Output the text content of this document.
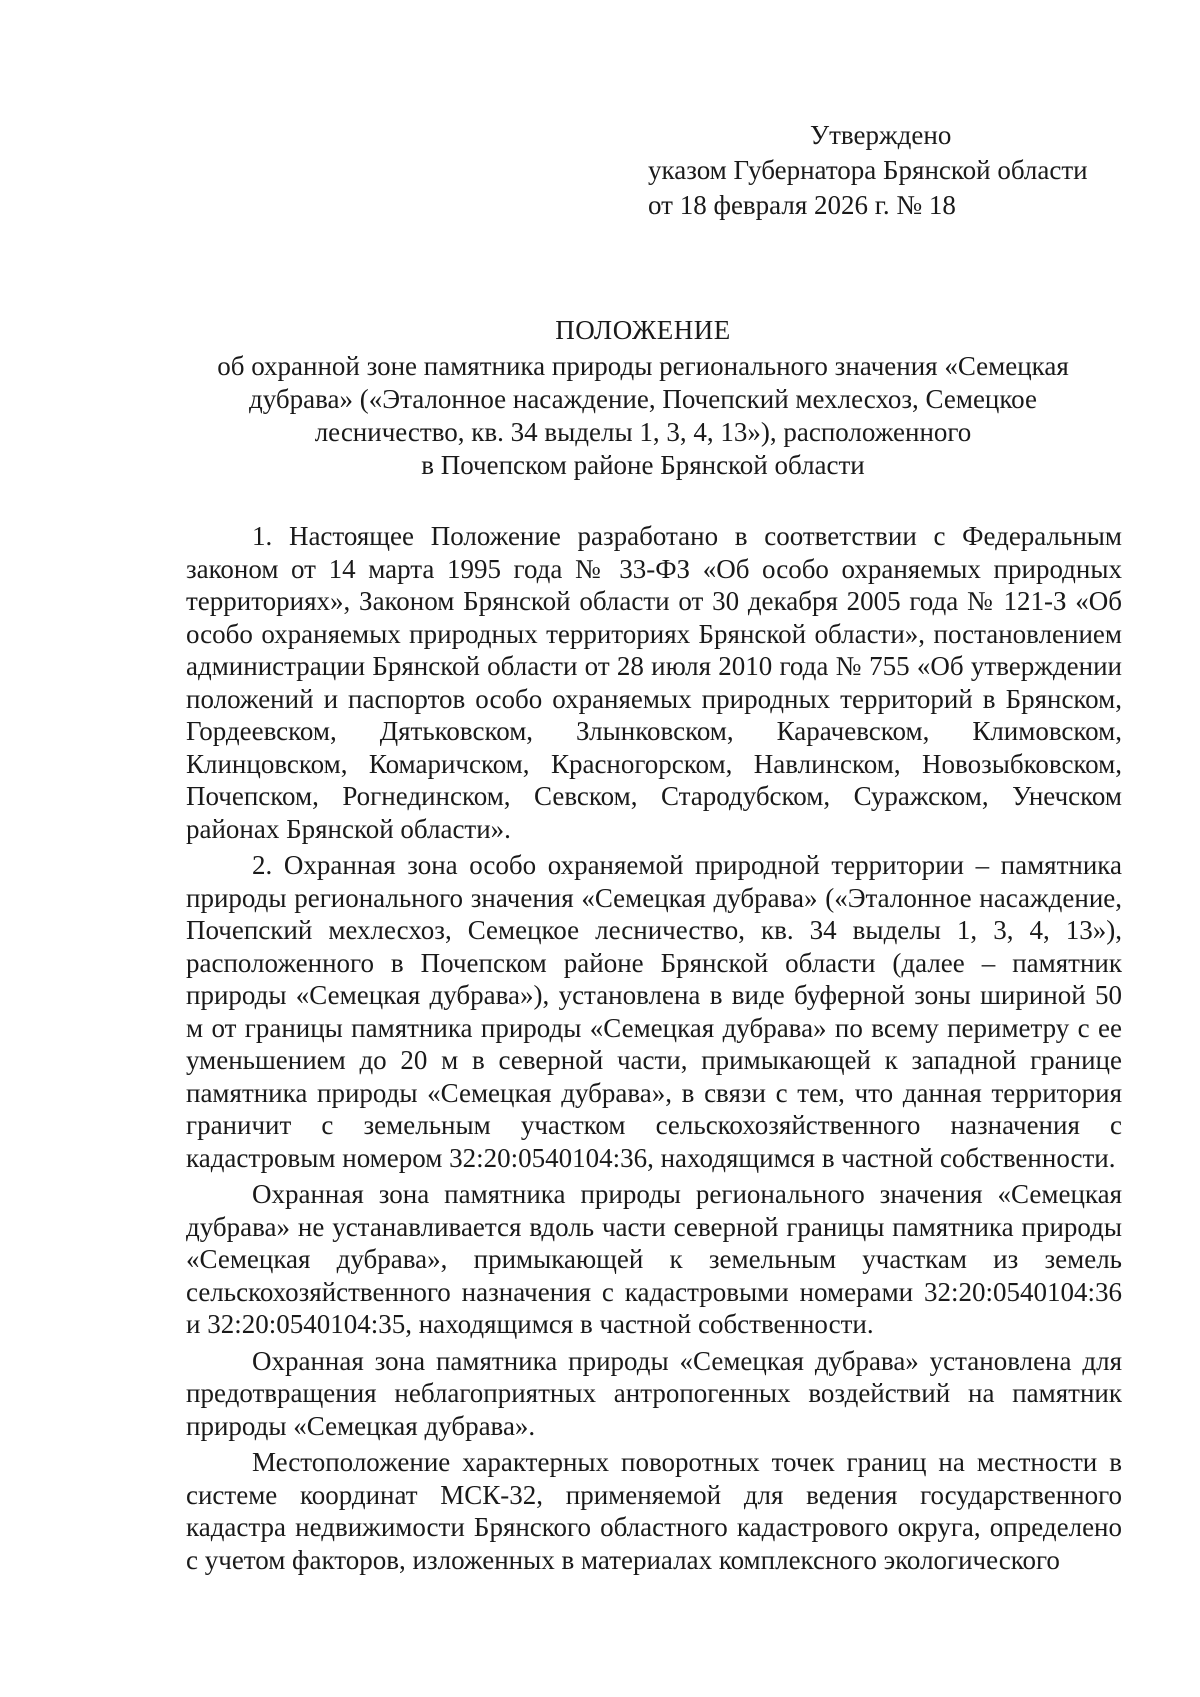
Утверждено
указом Губернатора Брянской области
от 18 февраля 2026 г. № 18
ПОЛОЖЕНИЕ
об охранной зоне памятника природы регионального значения «Семецкая
дубрава» («Эталонное насаждение, Почепский мехлесхоз, Семецкое
лесничество, кв. 34 выделы 1, 3, 4, 13»), расположенного
в Почепском районе Брянской области

1. Настоящее Положение разработано в соответствии с Федеральным законом от 14 марта 1995 года № 33-ФЗ «Об особо охраняемых природных территориях», Законом Брянской области от 30 декабря 2005 года № 121-З «Об особо охраняемых природных территориях Брянской области», постановлением администрации Брянской области от 28 июля 2010 года № 755 «Об утверждении положений и паспортов особо охраняемых природных территорий в Брянском, Гордеевском, Дятьковском, Злынковском, Карачевском, Климовском, Клинцовском, Комаричском, Красногорском, Навлинском, Новозыбковском, Почепском, Рогнединском, Севском, Стародубском, Суражском, Унечском районах Брянской области».

2. Охранная зона особо охраняемой природной территории – памятника природы регионального значения «Семецкая дубрава» («Эталонное насаждение, Почепский мехлесхоз, Семецкое лесничество, кв. 34 выделы 1, 3, 4, 13»), расположенного в Почепском районе Брянской области (далее – памятник природы «Семецкая дубрава»), установлена в виде буферной зоны шириной 50 м от границы памятника природы «Семецкая дубрава» по всему периметру с ее уменьшением до 20 м в северной части, примыкающей к западной границе памятника природы «Семецкая дубрава», в связи с тем, что данная территория граничит с земельным участком сельскохозяйственного назначения с кадастровым номером 32:20:0540104:36, находящимся в частной собственности.

Охранная зона памятника природы регионального значения «Семецкая дубрава» не устанавливается вдоль части северной границы памятника природы «Семецкая дубрава», примыкающей к земельным участкам из земель сельскохозяйственного назначения с кадастровыми номерами 32:20:0540104:36 и 32:20:0540104:35, находящимся в частной собственности.

Охранная зона памятника природы «Семецкая дубрава» установлена для предотвращения неблагоприятных антропогенных воздействий на памятник природы «Семецкая дубрава».

Местоположение характерных поворотных точек границ на местности в системе координат МСК-32, применяемой для ведения государственного кадастра недвижимости Брянского областного кадастрового округа, определено с учетом факторов, изложенных в материалах комплексного экологического
